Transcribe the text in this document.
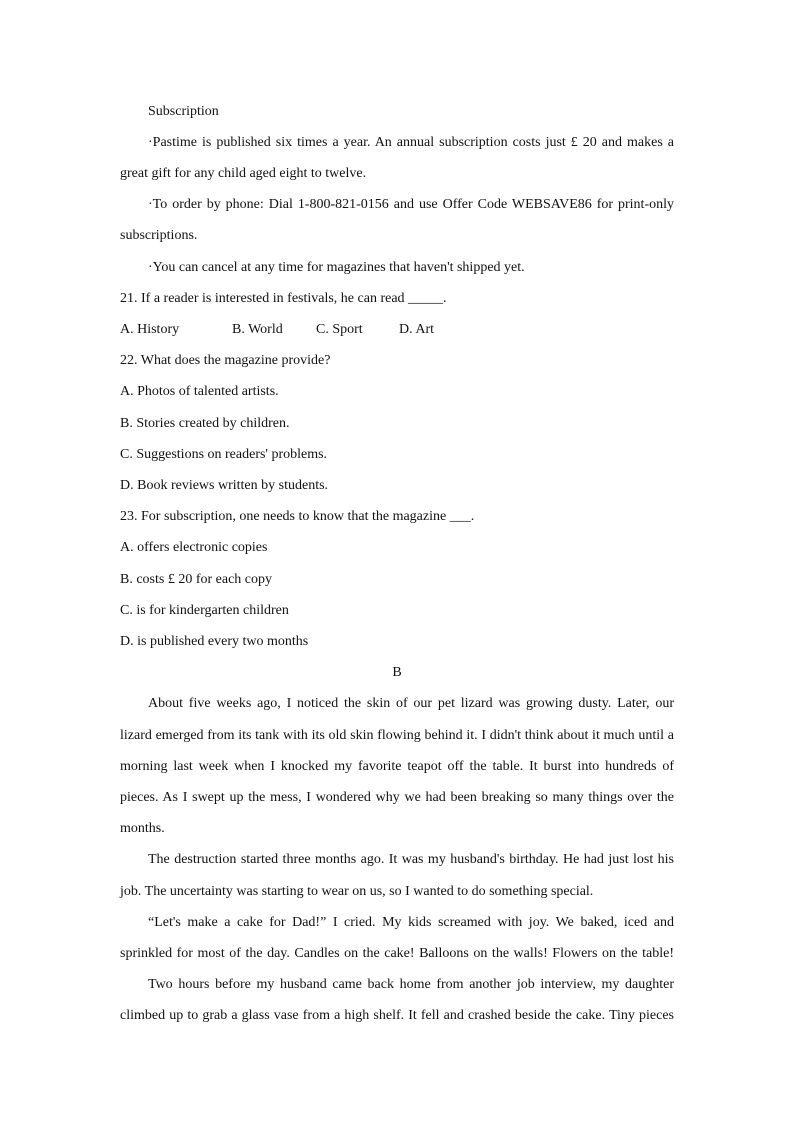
Subscription
·Pastime is published six times a year. An annual subscription costs just £ 20 and makes a
great gift for any child aged eight to twelve.
·To order by phone: Dial 1-800-821-0156 and use Offer Code WEBSAVE86 for print-only
subscriptions.
·You can cancel at any time for magazines that haven't shipped yet.
21. If a reader is interested in festivals, he can read _____.
A. History	B. World C. Sport	D. Art
22. What does the magazine provide?
A. Photos of talented artists.
B. Stories created by children.
C. Suggestions on readers' problems.
D. Book reviews written by students.
23. For subscription, one needs to know that the magazine ___.
A. offers electronic copies
B. costs £ 20 for each copy
C. is for kindergarten children
D. is published every two months
B
About five weeks ago, I noticed the skin of our pet lizard was growing dusty. Later, our
lizard emerged from its tank with its old skin flowing behind it. I didn't think about it much until a
morning last week when I knocked my favorite teapot off the table. It burst into hundreds of
pieces. As I swept up the mess, I wondered why we had been breaking so many things over the
months.
The destruction started three months ago. It was my husband's birthday. He had just lost his
job. The uncertainty was starting to wear on us, so I wanted to do something special.
“Let's make a cake for Dad!” I cried. My kids screamed with joy. We baked, iced and
sprinkled for most of the day. Candles on the cake! Balloons on the walls! Flowers on the table!
Two hours before my husband came back home from another job interview, my daughter
climbed up to grab a glass vase from a high shelf. It fell and crashed beside the cake. Tiny pieces
